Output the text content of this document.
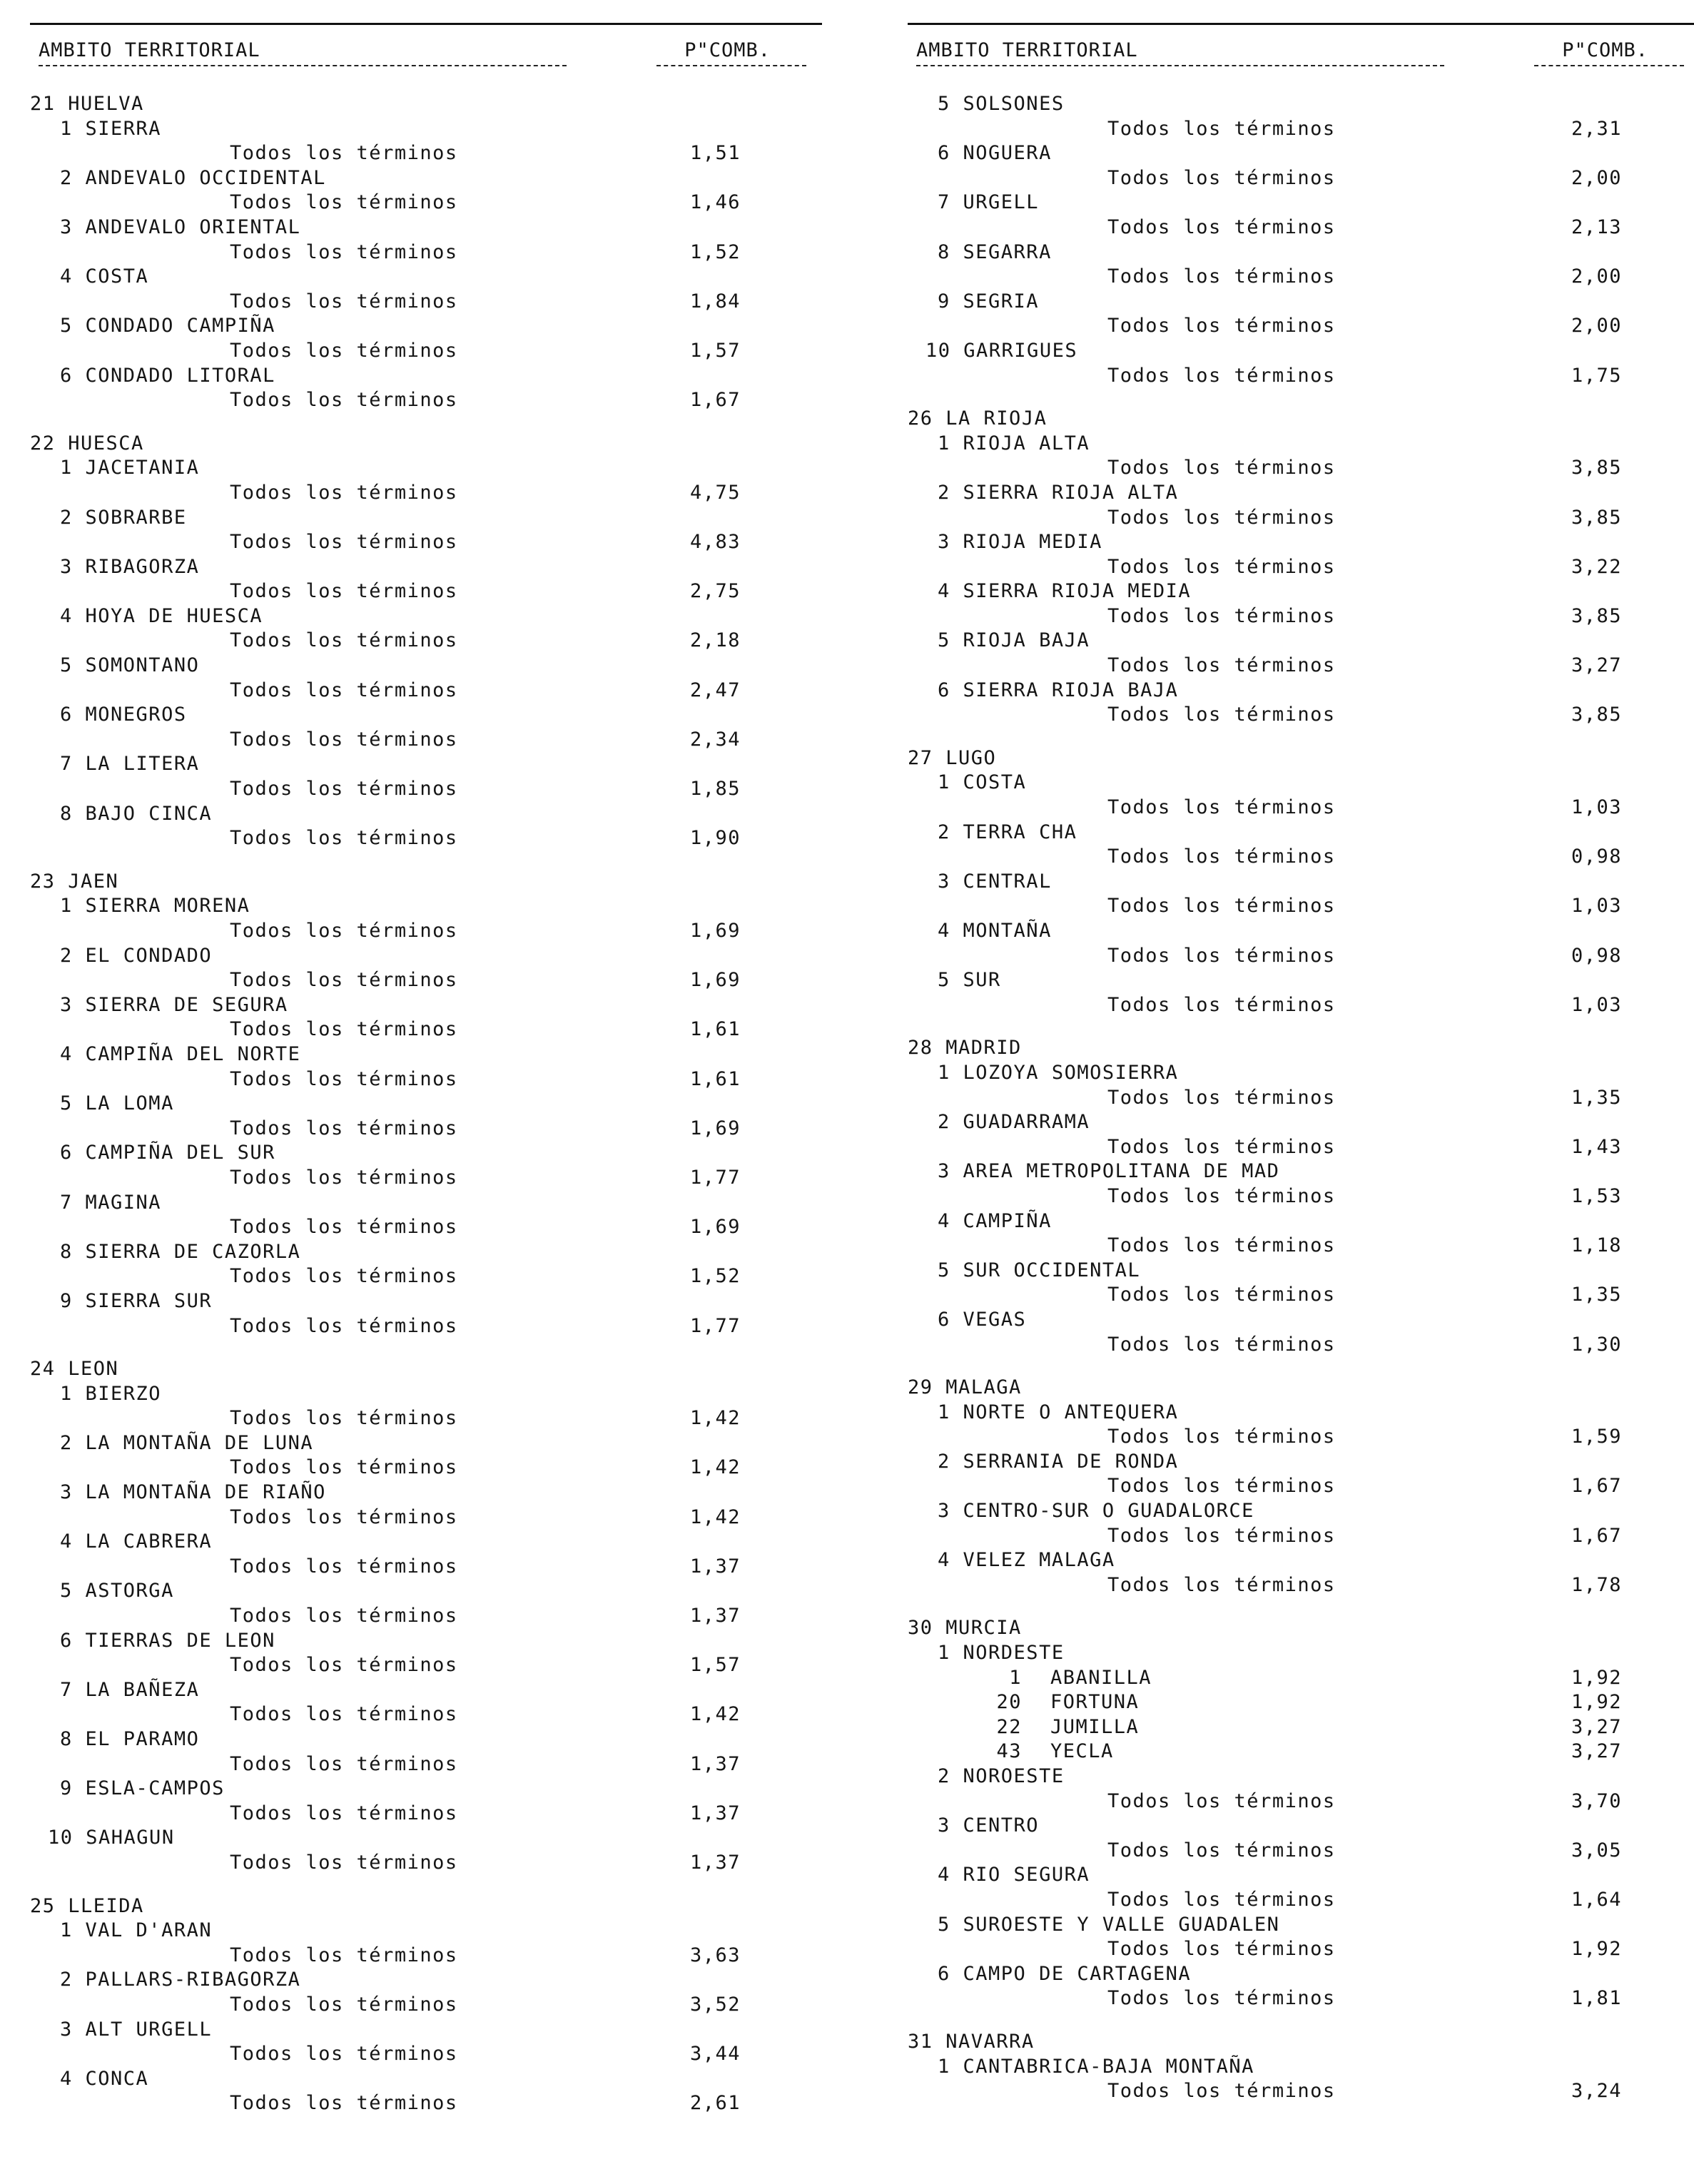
AMBITO TERRITORIAL	P"COMB.
21 HUELVA
1 SIERRA
Todos los términos	1,51
2 ANDEVALO OCCIDENTAL
Todos los términos	1,46
3 ANDEVALO ORIENTAL
Todos los términos	1,52
4 COSTA
Todos los términos	1,84
5 CONDADO CAMPIÑA
Todos los términos	1,57
6 CONDADO LITORAL
Todos los términos	1,67
22 HUESCA
1 JACETANIA
Todos los términos	4,75
2 SOBRARBE
Todos los términos	4,83
3 RIBAGORZA
Todos los términos	2,75
4 HOYA DE HUESCA
Todos los términos	2,18
5 SOMONTANO
Todos los términos	2,47
6 MONEGROS
Todos los términos	2,34
7 LA LITERA
Todos los términos	1,85
8 BAJO CINCA
Todos los términos	1,90
23 JAEN
1 SIERRA MORENA
Todos los términos	1,69
2 EL CONDADO
Todos los términos	1,69
3 SIERRA DE SEGURA
Todos los términos	1,61
4 CAMPIÑA DEL NORTE
Todos los términos	1,61
5 LA LOMA
Todos los términos	1,69
6 CAMPIÑA DEL SUR
Todos los términos	1,77
7 MAGINA
Todos los términos	1,69
8 SIERRA DE CAZORLA
Todos los términos	1,52
9 SIERRA SUR
Todos los términos	1,77
24 LEON
1 BIERZO
Todos los términos	1,42
2 LA MONTAÑA DE LUNA
Todos los términos	1,42
3 LA MONTAÑA DE RIAÑO
Todos los términos	1,42
4 LA CABRERA
Todos los términos	1,37
5 ASTORGA
Todos los términos	1,37
6 TIERRAS DE LEON
Todos los términos	1,57
7 LA BAÑEZA
Todos los términos	1,42
8 EL PARAMO
Todos los términos	1,37
9 ESLA-CAMPOS
Todos los términos	1,37
10 SAHAGUN
Todos los términos	1,37
25 LLEIDA
1 VAL D'ARAN
Todos los términos	3,63
2 PALLARS-RIBAGORZA
Todos los términos	3,52
3 ALT URGELL
Todos los términos	3,44
4 CONCA
Todos los términos	2,61
AMBITO TERRITORIAL	P"COMB.
5 SOLSONES
Todos los términos	2,31
6 NOGUERA
Todos los términos	2,00
7 URGELL
Todos los términos	2,13
8 SEGARRA
Todos los términos	2,00
9 SEGRIA
Todos los términos	2,00
10 GARRIGUES
Todos los términos	1,75
26 LA RIOJA
1 RIOJA ALTA
Todos los términos	3,85
2 SIERRA RIOJA ALTA
Todos los términos	3,85
3 RIOJA MEDIA
Todos los términos	3,22
4 SIERRA RIOJA MEDIA
Todos los términos	3,85
5 RIOJA BAJA
Todos los términos	3,27
6 SIERRA RIOJA BAJA
Todos los términos	3,85
27 LUGO
1 COSTA
Todos los términos	1,03
2 TERRA CHA
Todos los términos	0,98
3 CENTRAL
Todos los términos	1,03
4 MONTAÑA
Todos los términos	0,98
5 SUR
Todos los términos	1,03
28 MADRID
1 LOZOYA SOMOSIERRA
Todos los términos	1,35
2 GUADARRAMA
Todos los términos	1,43
3 AREA METROPOLITANA DE MAD
Todos los términos	1,53
4 CAMPIÑA
Todos los términos	1,18
5 SUR OCCIDENTAL
Todos los términos	1,35
6 VEGAS
Todos los términos	1,30
29 MALAGA
1 NORTE O ANTEQUERA
Todos los términos	1,59
2 SERRANIA DE RONDA
Todos los términos	1,67
3 CENTRO-SUR O GUADALORCE
Todos los términos	1,67
4 VELEZ MALAGA
Todos los términos	1,78
30 MURCIA
1 NORDESTE
1 ABANILLA	1,92
20 FORTUNA	1,92
22 JUMILLA	3,27
43 YECLA	3,27
2 NOROESTE
Todos los términos	3,70
3 CENTRO
Todos los términos	3,05
4 RIO SEGURA
Todos los términos	1,64
5 SUROESTE Y VALLE GUADALEN
Todos los términos	1,92
6 CAMPO DE CARTAGENA
Todos los términos	1,81
31 NAVARRA
1 CANTABRICA-BAJA MONTAÑA
Todos los términos	3,24
